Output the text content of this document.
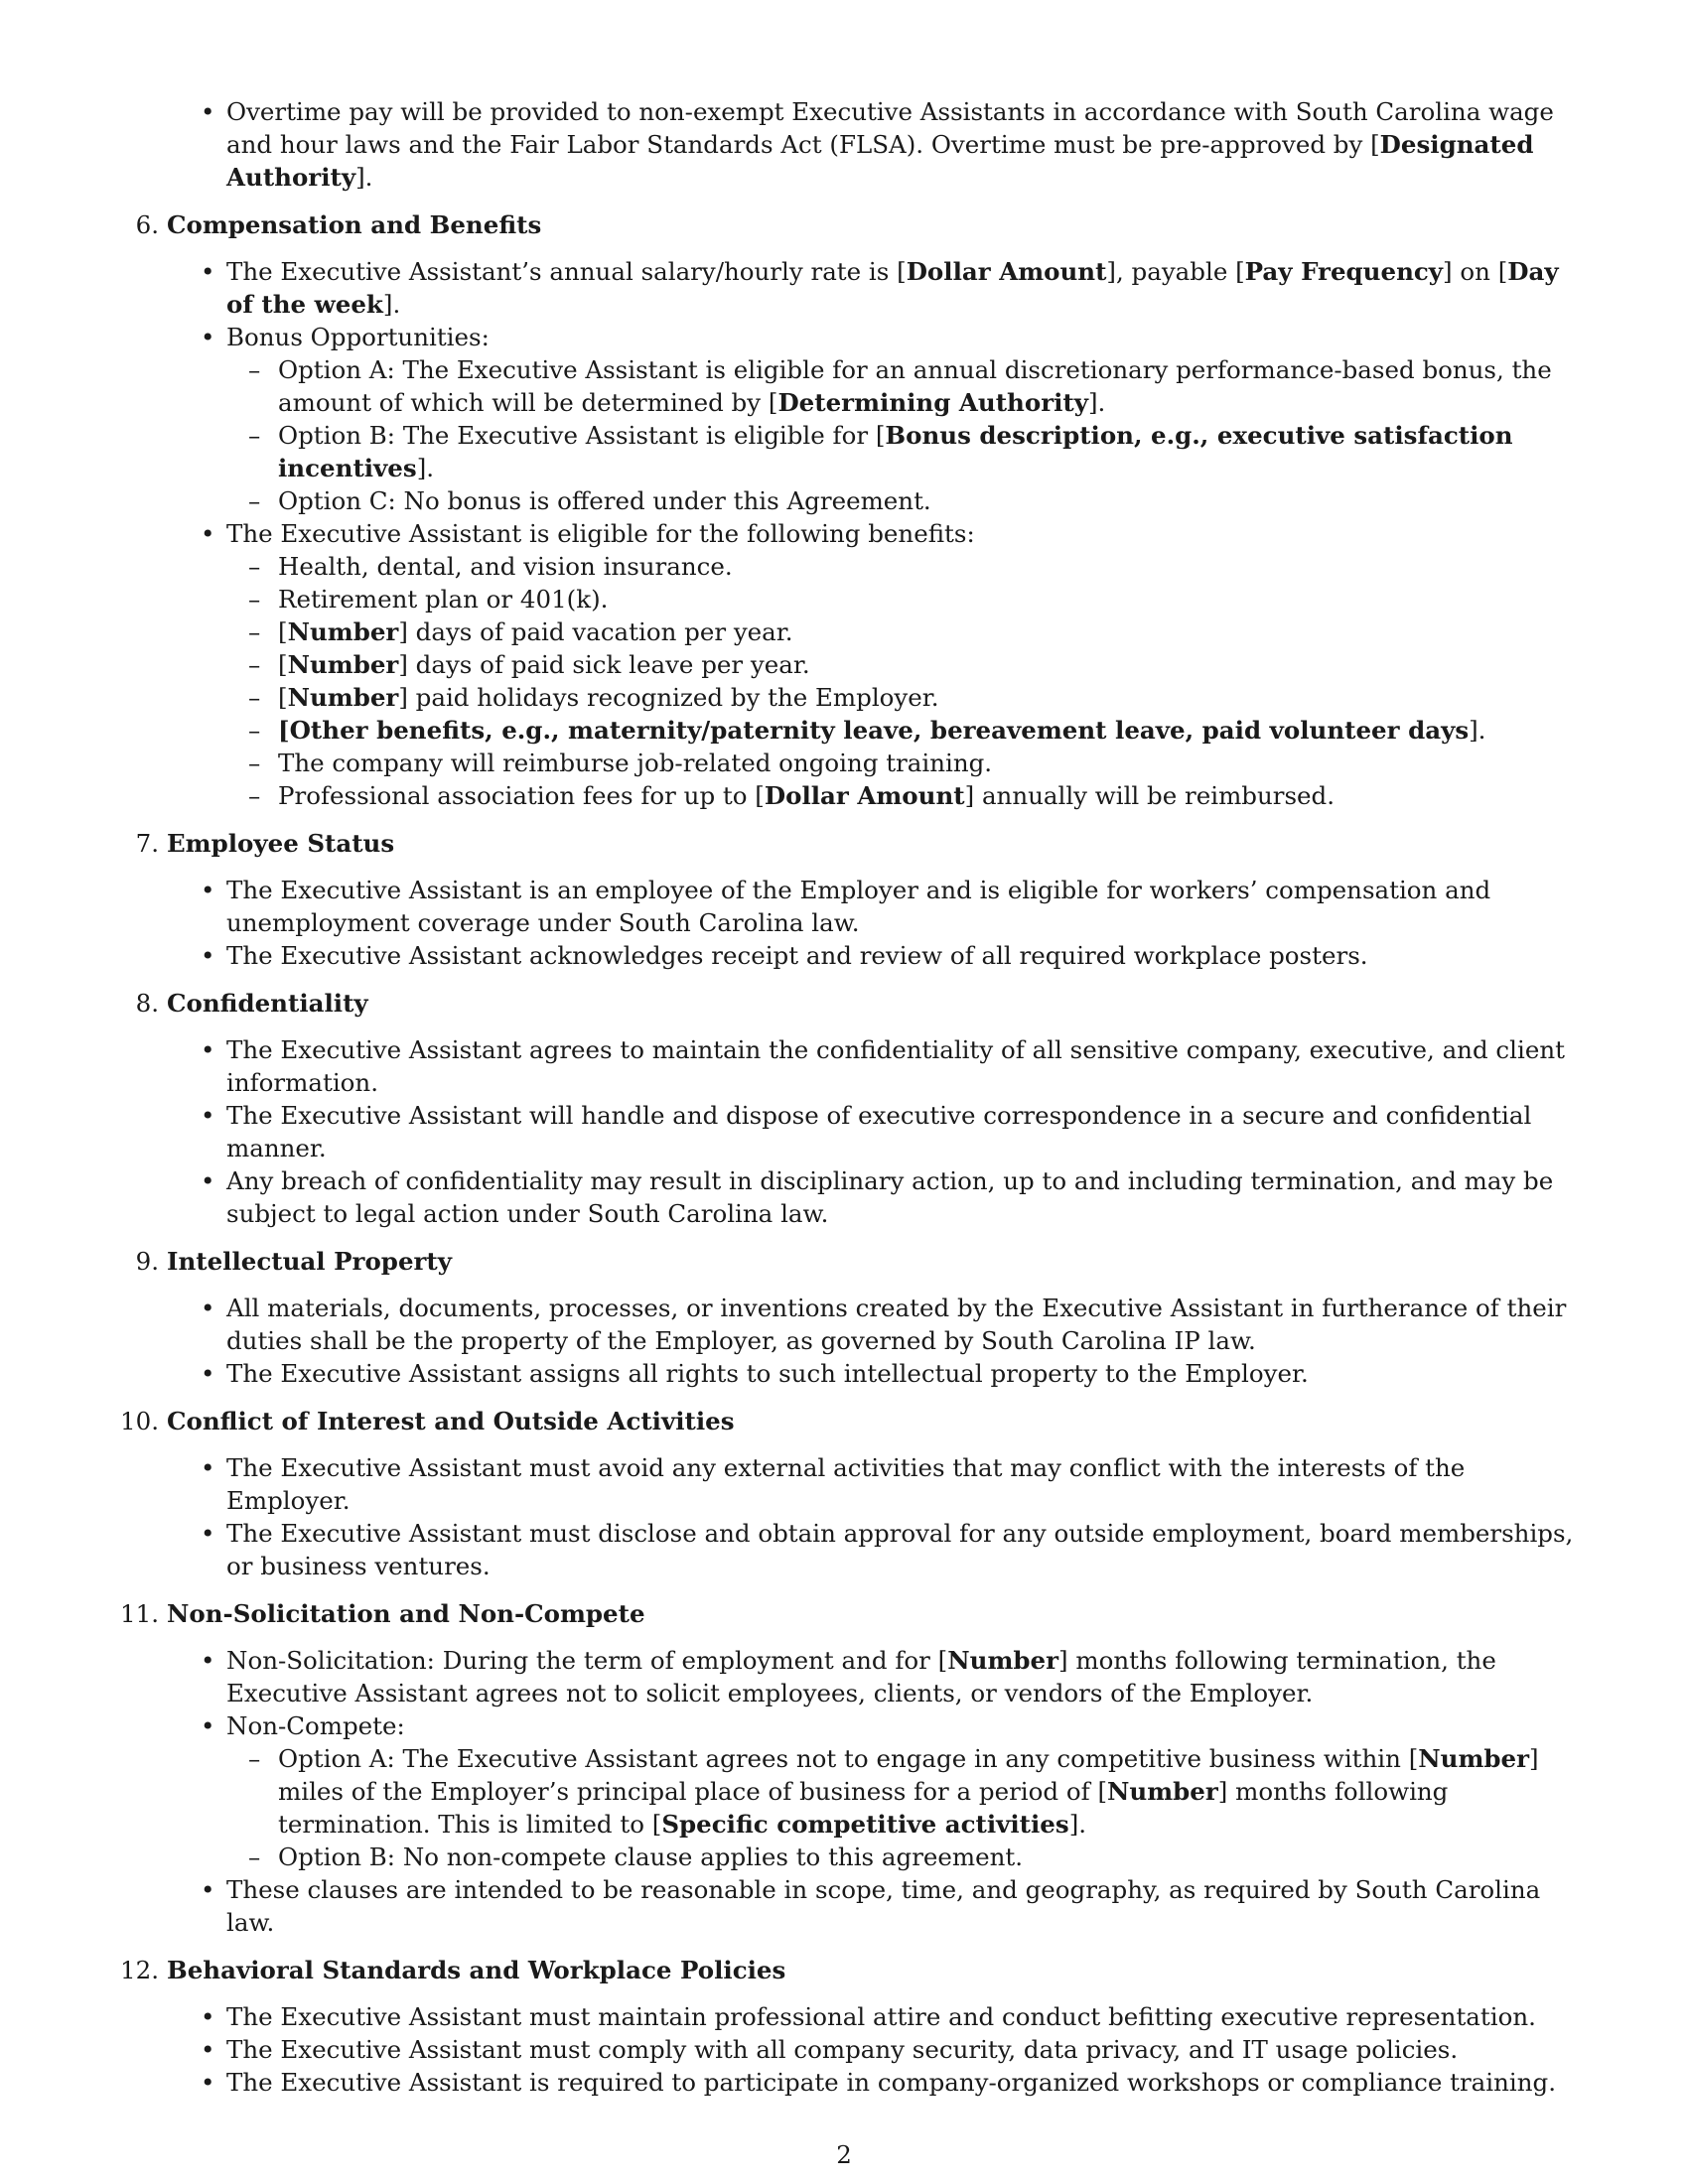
• Overtime pay will be provided to non-exempt Executive Assistants in accordance with South Carolina wage and hour laws and the Fair Labor Standards Act (FLSA). Overtime must be pre-approved by [Designated Authority].
6. Compensation and Benefits
• The Executive Assistant’s annual salary/hourly rate is [Dollar Amount], payable [Pay Frequency] on [Day of the week].
• Bonus Opportunities:
– Option A: The Executive Assistant is eligible for an annual discretionary performance-based bonus, the amount of which will be determined by [Determining Authority].
– Option B: The Executive Assistant is eligible for [Bonus description, e.g., executive satisfaction incentives].
– Option C: No bonus is offered under this Agreement.
• The Executive Assistant is eligible for the following benefits:
– Health, dental, and vision insurance.
– Retirement plan or 401(k).
– [Number] days of paid vacation per year.
– [Number] days of paid sick leave per year.
– [Number] paid holidays recognized by the Employer.
– [Other benefits, e.g., maternity/paternity leave, bereavement leave, paid volunteer days].
– The company will reimburse job-related ongoing training.
– Professional association fees for up to [Dollar Amount] annually will be reimbursed.
7. Employee Status
• The Executive Assistant is an employee of the Employer and is eligible for workers’ compensation and unemployment coverage under South Carolina law.
• The Executive Assistant acknowledges receipt and review of all required workplace posters.
8. Confidentiality
• The Executive Assistant agrees to maintain the confidentiality of all sensitive company, executive, and client information.
• The Executive Assistant will handle and dispose of executive correspondence in a secure and confidential manner.
• Any breach of confidentiality may result in disciplinary action, up to and including termination, and may be subject to legal action under South Carolina law.
9. Intellectual Property
• All materials, documents, processes, or inventions created by the Executive Assistant in furtherance of their duties shall be the property of the Employer, as governed by South Carolina IP law.
• The Executive Assistant assigns all rights to such intellectual property to the Employer.
10. Conflict of Interest and Outside Activities
• The Executive Assistant must avoid any external activities that may conflict with the interests of the Employer.
• The Executive Assistant must disclose and obtain approval for any outside employment, board memberships, or business ventures.
11. Non-Solicitation and Non-Compete
• Non-Solicitation: During the term of employment and for [Number] months following termination, the Executive Assistant agrees not to solicit employees, clients, or vendors of the Employer.
• Non-Compete:
– Option A: The Executive Assistant agrees not to engage in any competitive business within [Number] miles of the Employer’s principal place of business for a period of [Number] months following termination. This is limited to [Specific competitive activities].
– Option B: No non-compete clause applies to this agreement.
• These clauses are intended to be reasonable in scope, time, and geography, as required by South Carolina law.
12. Behavioral Standards and Workplace Policies
• The Executive Assistant must maintain professional attire and conduct befitting executive representation.
• The Executive Assistant must comply with all company security, data privacy, and IT usage policies.
• The Executive Assistant is required to participate in company-organized workshops or compliance training.
2
